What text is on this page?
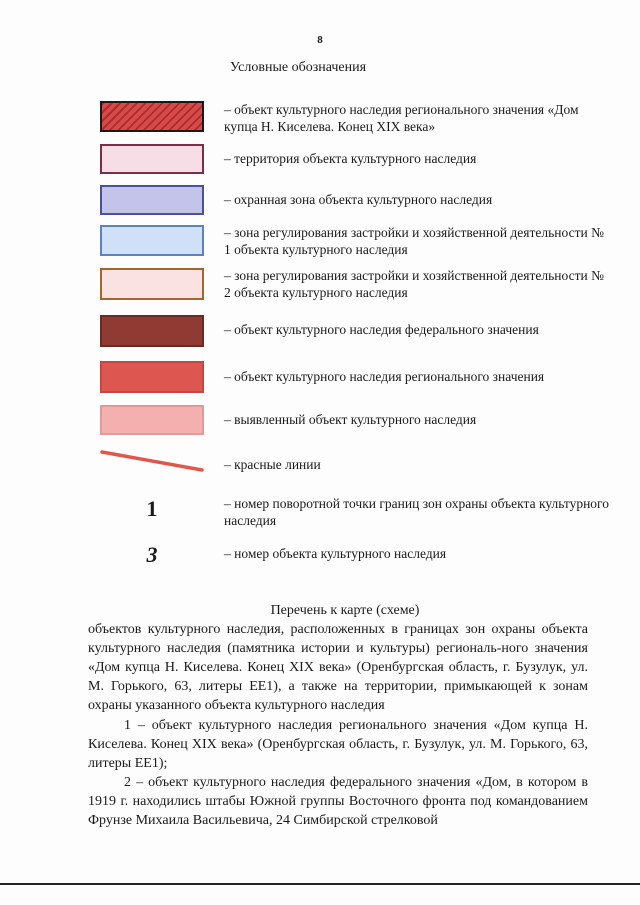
8
Условные обозначения
– объект культурного наследия регионального значения «Дом купца Н. Киселева. Конец XIX века»
– территория объекта культурного наследия
– охранная зона объекта культурного наследия
– зона регулирования застройки и хозяйственной деятельности № 1 объекта культурного наследия
– зона регулирования застройки и хозяйственной деятельности № 2 объекта культурного наследия
– объект культурного наследия федерального значения
– объект культурного наследия регионального значения
– выявленный объект культурного наследия
– красные линии
1	– номер поворотной точки границ зон охраны объекта культурного наследия
3	– номер объекта культурного наследия
Перечень к карте (схеме)
объектов культурного наследия, расположенных в границах зон охраны объекта культурного наследия (памятника истории и культуры) региональ-ного значения «Дом купца Н. Киселева. Конец XIX века» (Оренбургская область, г. Бузулук, ул. М. Горького, 63, литеры ЕЕ1), а также на территории, примыкающей к зонам охраны указанного объекта культурного наследия
1 – объект культурного наследия регионального значения «Дом купца Н. Киселева. Конец XIX века» (Оренбургская область, г. Бузулук, ул. М. Горького, 63, литеры ЕЕ1);
2 – объект культурного наследия федерального значения «Дом, в котором в 1919 г. находились штабы Южной группы Восточного фронта под командованием Фрунзе Михаила Васильевича, 24 Симбирской стрелковой
